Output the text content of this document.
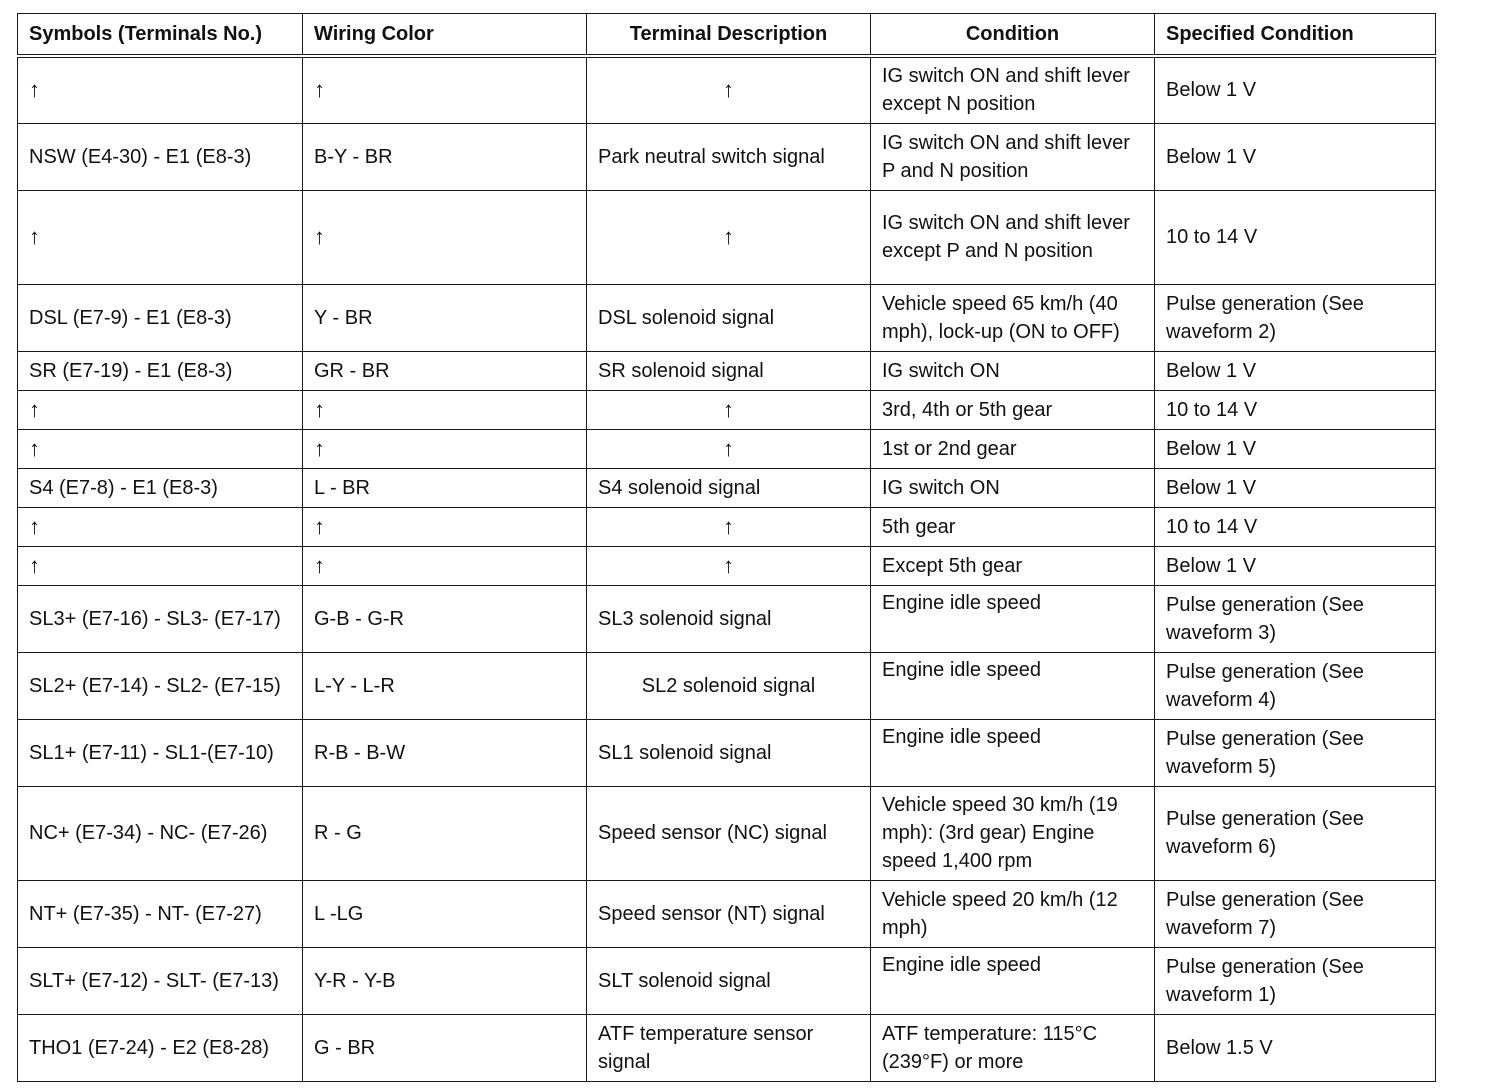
Symbols (Terminals No.)	Wiring Color	Terminal Description	Condition	Specified Condition
↑	↑	↑	IG switch ON and shift lever except N position	Below 1 V
NSW (E4-30) - E1 (E8-3)	B-Y - BR	Park neutral switch signal	IG switch ON and shift lever P and N position	Below 1 V
↑	↑	↑	IG switch ON and shift lever except P and N position	10 to 14 V
DSL (E7-9) - E1 (E8-3)	Y - BR	DSL solenoid signal	Vehicle speed 65 km/h (40 mph), lock-up (ON to OFF)	Pulse generation (See waveform 2)
SR (E7-19) - E1 (E8-3)	GR - BR	SR solenoid signal	IG switch ON	Below 1 V
↑	↑	↑	3rd, 4th or 5th gear	10 to 14 V
↑	↑	↑	1st or 2nd gear	Below 1 V
S4 (E7-8) - E1 (E8-3)	L - BR	S4 solenoid signal	IG switch ON	Below 1 V
↑	↑	↑	5th gear	10 to 14 V
↑	↑	↑	Except 5th gear	Below 1 V
SL3+ (E7-16) - SL3- (E7-17)	G-B - G-R	SL3 solenoid signal	Engine idle speed	Pulse generation (See waveform 3)
SL2+ (E7-14) - SL2- (E7-15)	L-Y - L-R	SL2 solenoid signal	Engine idle speed	Pulse generation (See waveform 4)
SL1+ (E7-11) - SL1-(E7-10)	R-B - B-W	SL1 solenoid signal	Engine idle speed	Pulse generation (See waveform 5)
NC+ (E7-34) - NC- (E7-26)	R - G	Speed sensor (NC) signal	Vehicle speed 30 km/h (19 mph): (3rd gear) Engine speed 1,400 rpm	Pulse generation (See waveform 6)
NT+ (E7-35) - NT- (E7-27)	L -LG	Speed sensor (NT) signal	Vehicle speed 20 km/h (12 mph)	Pulse generation (See waveform 7)
SLT+ (E7-12) - SLT- (E7-13)	Y-R - Y-B	SLT solenoid signal	Engine idle speed	Pulse generation (See waveform 1)
THO1 (E7-24) - E2 (E8-28)	G - BR	ATF temperature sensor signal	ATF temperature: 115°C (239°F) or more	Below 1.5 V
